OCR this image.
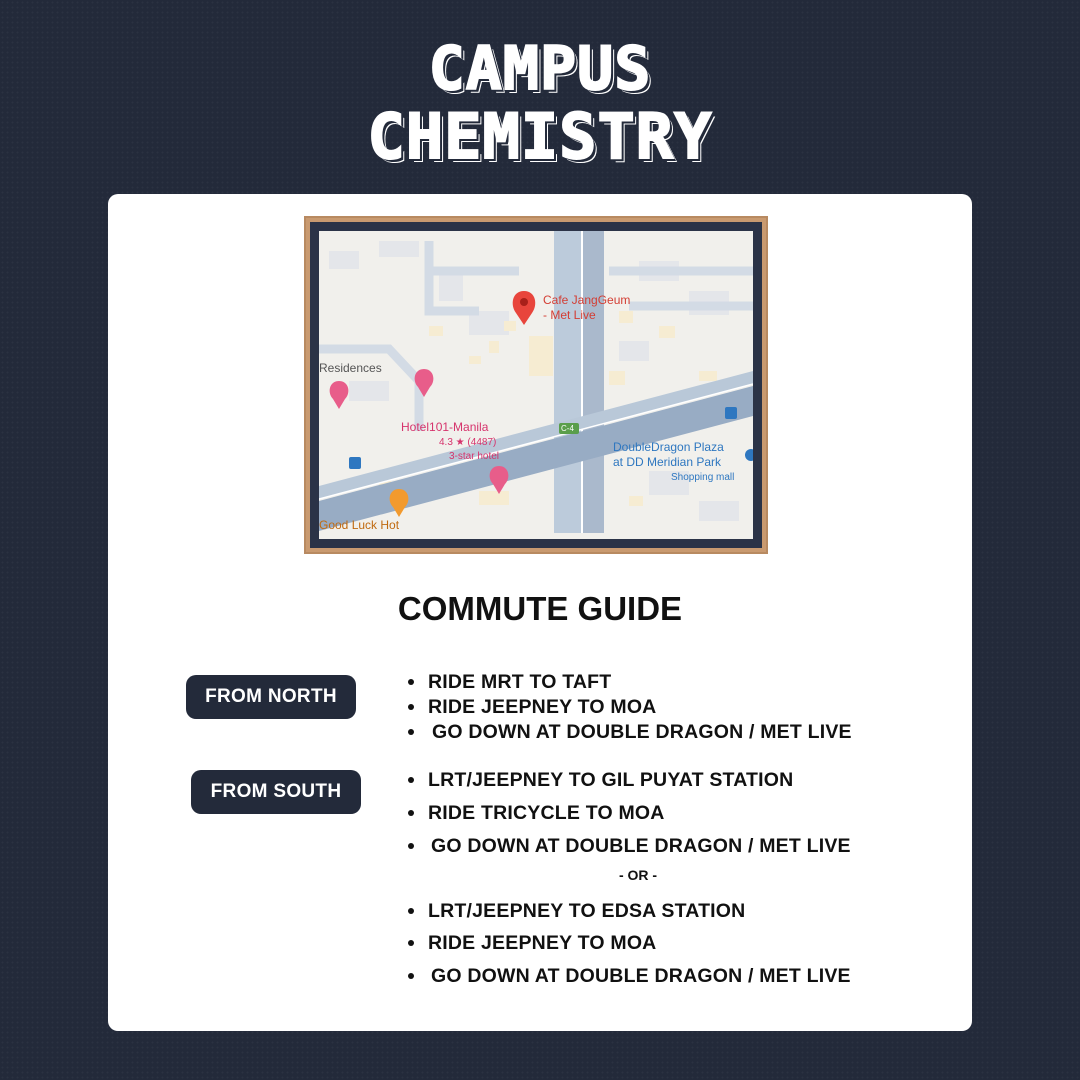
CAMPUS
CHEMISTRY
Cafe JangGeum
- Met Live
Residences
Hotel101-Manila
4.3 ★ (4487)
3-star hotel
C-4
DoubleDragon Plaza
at DD Meridian Park
Shopping mall
Good Luck Hot
COMMUTE GUIDE
FROM NORTH
RIDE MRT TO TAFT
RIDE JEEPNEY TO MOA
GO DOWN AT DOUBLE DRAGON / MET LIVE
FROM SOUTH
LRT/JEEPNEY TO GIL PUYAT STATION
RIDE TRICYCLE TO MOA
GO DOWN AT DOUBLE DRAGON / MET LIVE
- OR -
LRT/JEEPNEY TO EDSA STATION
RIDE JEEPNEY TO MOA
GO DOWN AT DOUBLE DRAGON / MET LIVE
